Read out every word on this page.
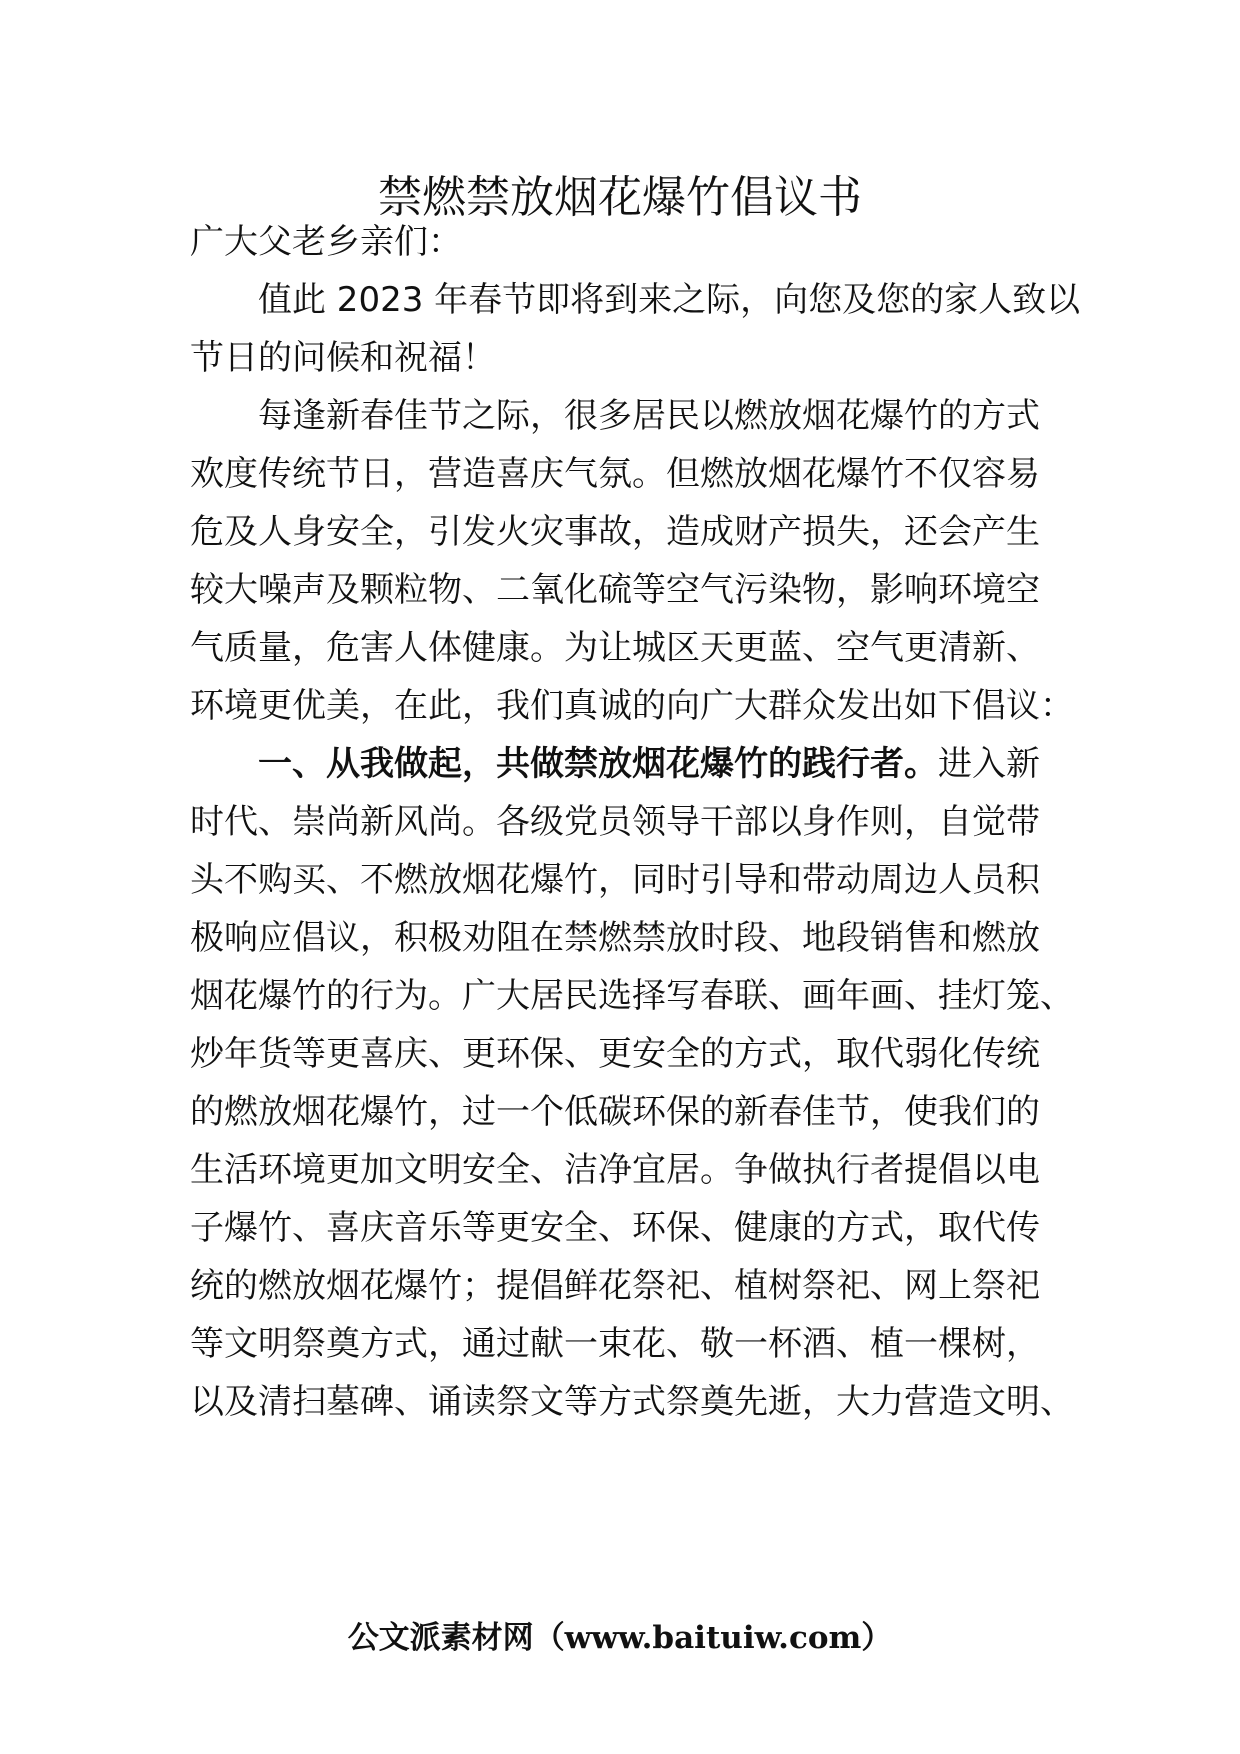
禁燃禁放烟花爆竹倡议书

广大父老乡亲们：

值此 2023 年春节即将到来之际，向您及您的家人致以

节日的问候和祝福！

每逢新春佳节之际，很多居民以燃放烟花爆竹的方式

欢度传统节日，营造喜庆气氛。但燃放烟花爆竹不仅容易

危及人身安全，引发火灾事故，造成财产损失，还会产生

较大噪声及颗粒物、二氧化硫等空气污染物，影响环境空

气质量，危害人体健康。为让城区天更蓝、空气更清新、

环境更优美，在此，我们真诚的向广大群众发出如下倡议：

一、从我做起，共做禁放烟花爆竹的践行者。进入新

时代、崇尚新风尚。各级党员领导干部以身作则，自觉带

头不购买、不燃放烟花爆竹，同时引导和带动周边人员积

极响应倡议，积极劝阻在禁燃禁放时段、地段销售和燃放

烟花爆竹的行为。广大居民选择写春联、画年画、挂灯笼、

炒年货等更喜庆、更环保、更安全的方式，取代弱化传统

的燃放烟花爆竹，过一个低碳环保的新春佳节，使我们的

生活环境更加文明安全、洁净宜居。争做执行者提倡以电

子爆竹、喜庆音乐等更安全、环保、健康的方式，取代传

统的燃放烟花爆竹；提倡鲜花祭祀、植树祭祀、网上祭祀

等文明祭奠方式，通过献一束花、敬一杯酒、植一棵树，

以及清扫墓碑、诵读祭文等方式祭奠先逝，大力营造文明、

公文派素材网（www.baituiw.com）
